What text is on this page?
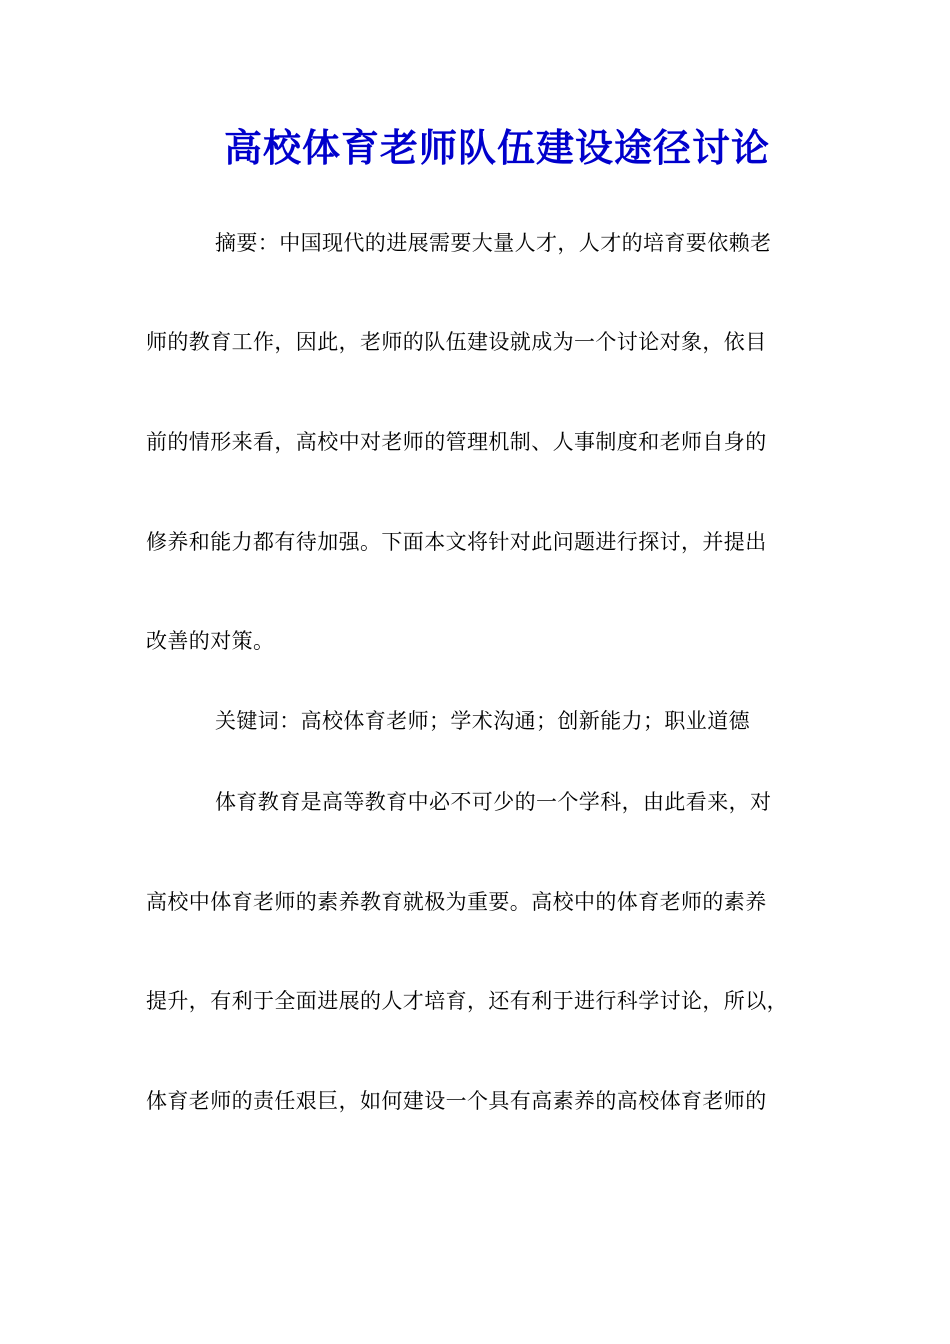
高校体育老师队伍建设途径讨论
摘要：中国现代的进展需要大量人才，人才的培育要依赖老
师的教育工作，因此，老师的队伍建设就成为一个讨论对象，依目
前的情形来看，高校中对老师的管理机制、人事制度和老师自身的
修养和能力都有待加强。下面本文将针对此问题进行探讨，并提出
改善的对策。
关键词：高校体育老师；学术沟通；创新能力；职业道德
体育教育是高等教育中必不可少的一个学科，由此看来，对
高校中体育老师的素养教育就极为重要。高校中的体育老师的素养
提升，有利于全面进展的人才培育，还有利于进行科学讨论，所以，
体育老师的责任艰巨，如何建设一个具有高素养的高校体育老师的
